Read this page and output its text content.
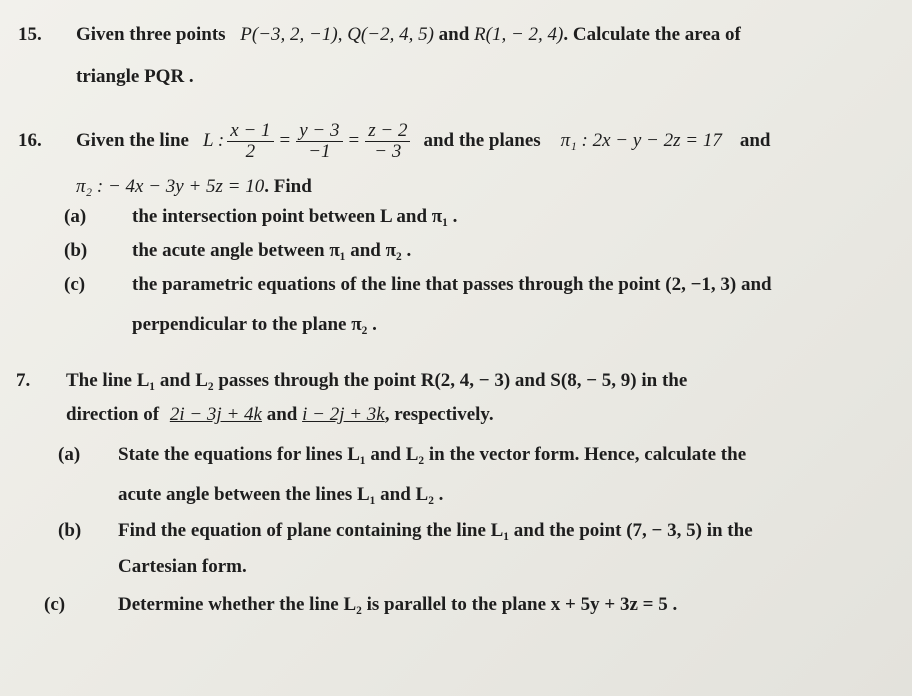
15. Given three points P(−3, 2, −1), Q(−2, 4, 5) and R(1, − 2, 4). Calculate the area of
triangle PQR .
16. Given the line L : $\frac{x - 1}{2} = \frac{y - 3}{-1} = \frac{z - 2}{- 3}$ and the planes π₁ : 2x − y − 2z = 17 and
π₂ : − 4x − 3y + 5z = 10. Find
(a) the intersection point between L and π₁ .
(b) the acute angle between π₁ and π₂ .
(c) the parametric equations of the line that passes through the point (2, −1, 3) and
perpendicular to the plane π₂ .
7. The line L₁ and L₂ passes through the point R(2, 4, − 3) and S(8, − 5, 9) in the
direction of 2i − 3j + 4k and i − 2j + 3k, respectively.
(a) State the equations for lines L₁ and L₂ in the vector form. Hence, calculate the
acute angle between the lines L₁ and L₂ .
(b) Find the equation of plane containing the line L₁ and the point (7, − 3, 5) in the
Cartesian form.
(c)	Determine whether the line L₂ is parallel to the plane x + 5y + 3z = 5 .
